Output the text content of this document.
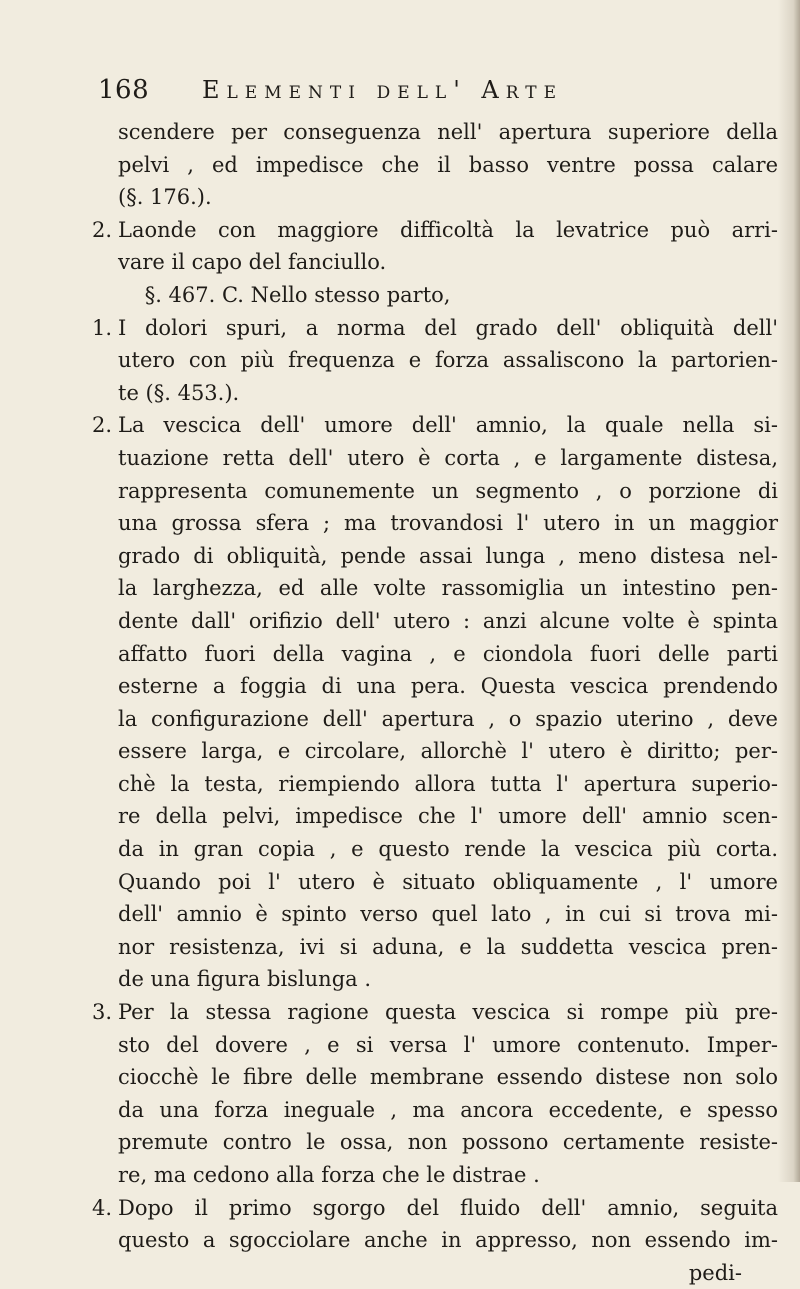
168 Elementi dell' Arte
scendere per conseguenza nell' apertura superiore della
pelvi , ed impedisce che il basso ventre possa calare
(§. 176.).
2. Laonde con maggiore difficoltà la levatrice può arri-
vare il capo del fanciullo.
§. 467. C. Nello stesso parto,
1. I dolori spuri, a norma del grado dell' obliquità dell'
utero con più frequenza e forza assaliscono la partorien-
te (§. 453.).
2. La vescica dell' umore dell' amnio, la quale nella si-
tuazione retta dell' utero è corta , e largamente distesa,
rappresenta comunemente un segmento , o porzione di
una grossa sfera ; ma trovandosi l' utero in un maggior
grado di obliquità, pende assai lunga , meno distesa nel-
la larghezza, ed alle volte rassomiglia un intestino pen-
dente dall' orifizio dell' utero : anzi alcune volte è spinta
affatto fuori della vagina , e ciondola fuori delle parti
esterne a foggia di una pera. Questa vescica prendendo
la configurazione dell' apertura , o spazio uterino , deve
essere larga, e circolare, allorchè l' utero è diritto; per-
chè la testa, riempiendo allora tutta l' apertura superio-
re della pelvi, impedisce che l' umore dell' amnio scen-
da in gran copia , e questo rende la vescica più corta.
Quando poi l' utero è situato obliquamente , l' umore
dell' amnio è spinto verso quel lato , in cui si trova mi-
nor resistenza, ivi si aduna, e la suddetta vescica pren-
de una figura bislunga .
3. Per la stessa ragione questa vescica si rompe più pre-
sto del dovere , e si versa l' umore contenuto. Imper-
ciocchè le fibre delle membrane essendo distese non solo
da una forza ineguale , ma ancora eccedente, e spesso
premute contro le ossa, non possono certamente resiste-
re, ma cedono alla forza che le distrae .
4. Dopo il primo sgorgo del fluido dell' amnio, seguita
questo a sgocciolare anche in appresso, non essendo im-
pedi-
